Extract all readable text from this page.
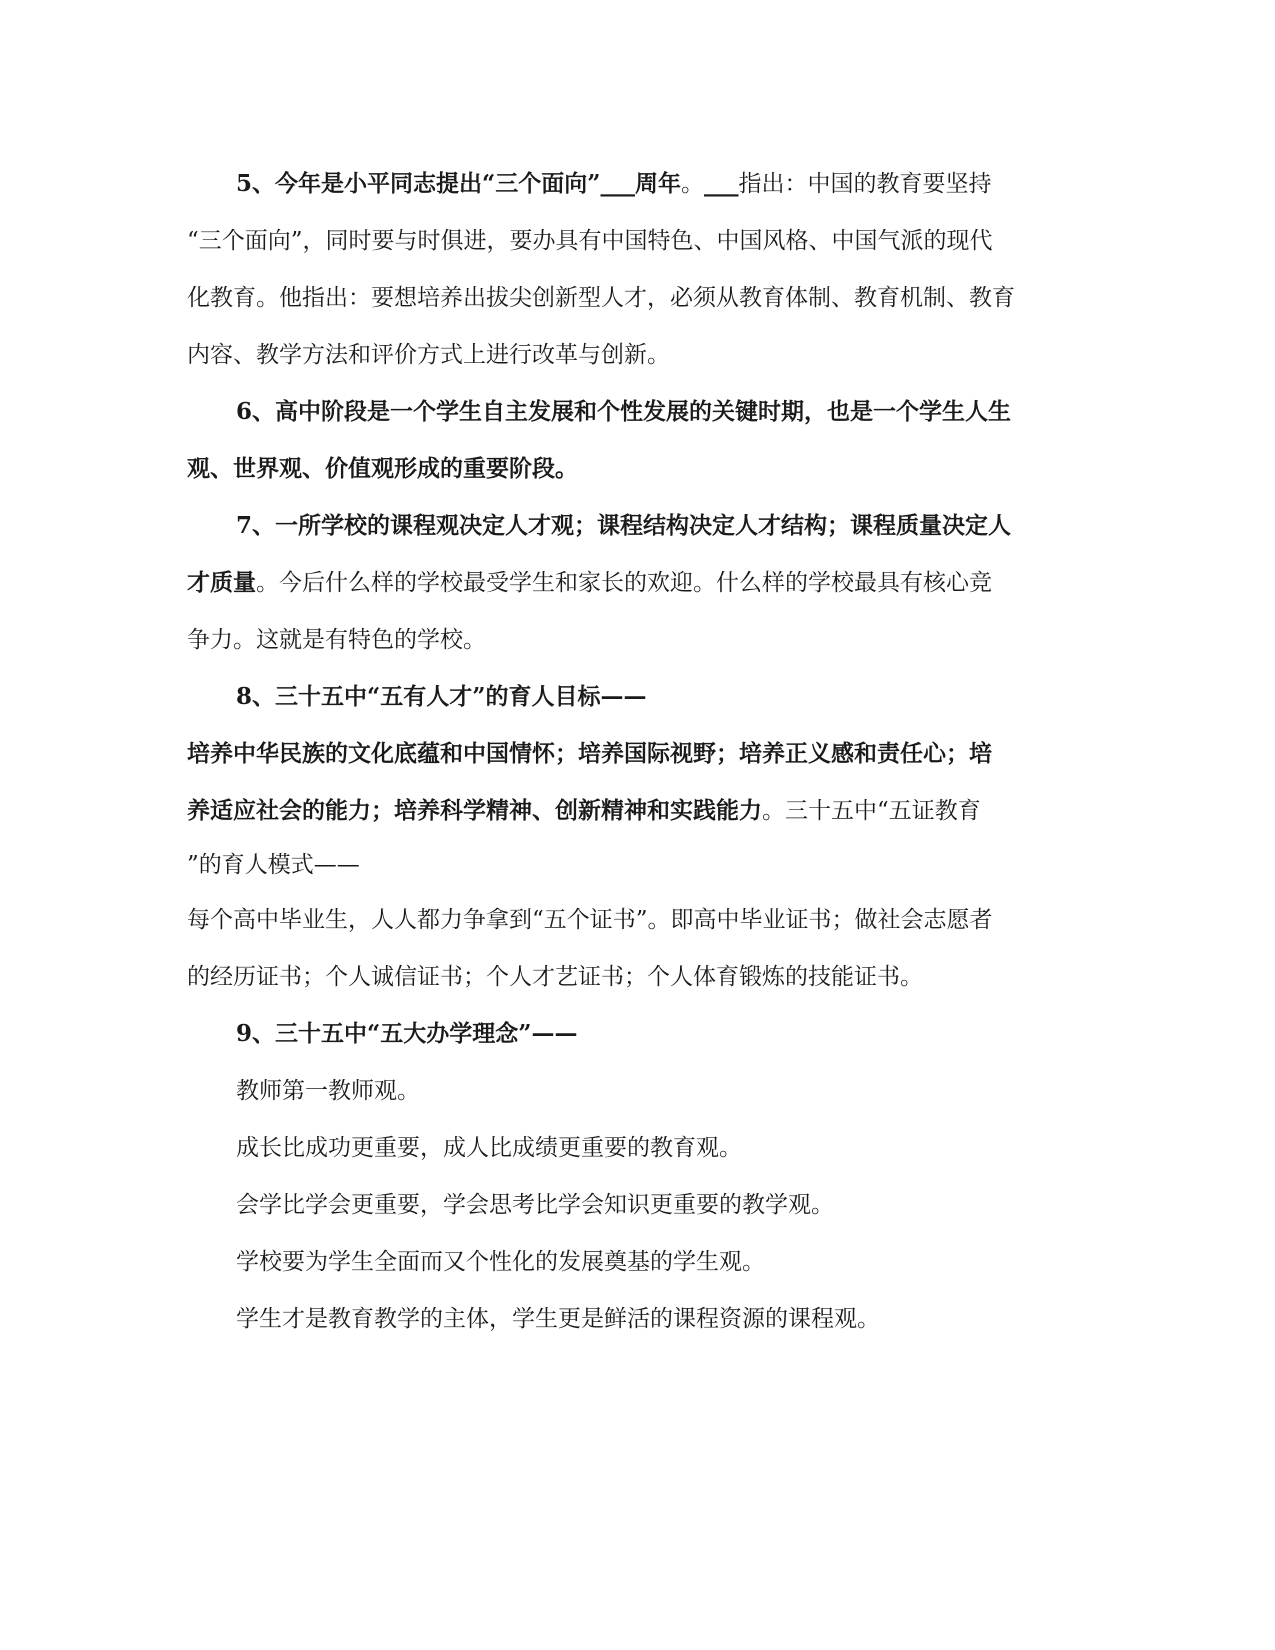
5、今年是小平同志提出“三个面向”___周年。___指出：中国的教育要坚持
“三个面向”，同时要与时俱进，要办具有中国特色、中国风格、中国气派的现代
化教育。他指出：要想培养出拔尖创新型人才，必须从教育体制、教育机制、教育
内容、教学方法和评价方式上进行改革与创新。
6、高中阶段是一个学生自主发展和个性发展的关键时期，也是一个学生人生
观、世界观、价值观形成的重要阶段。
7、一所学校的课程观决定人才观；课程结构决定人才结构；课程质量决定人
才质量。今后什么样的学校最受学生和家长的欢迎。什么样的学校最具有核心竞
争力。这就是有特色的学校。
8、三十五中“五有人才”的育人目标——
培养中华民族的文化底蕴和中国情怀；培养国际视野；培养正义感和责任心；培
养适应社会的能力；培养科学精神、创新精神和实践能力。三十五中“五证教育
”的育人模式——
每个高中毕业生，人人都力争拿到“五个证书”。即高中毕业证书；做社会志愿者
的经历证书；个人诚信证书；个人才艺证书；个人体育锻炼的技能证书。
9、三十五中“五大办学理念”——
教师第一教师观。
成长比成功更重要，成人比成绩更重要的教育观。
会学比学会更重要，学会思考比学会知识更重要的教学观。
学校要为学生全面而又个性化的发展奠基的学生观。
学生才是教育教学的主体，学生更是鲜活的课程资源的课程观。
